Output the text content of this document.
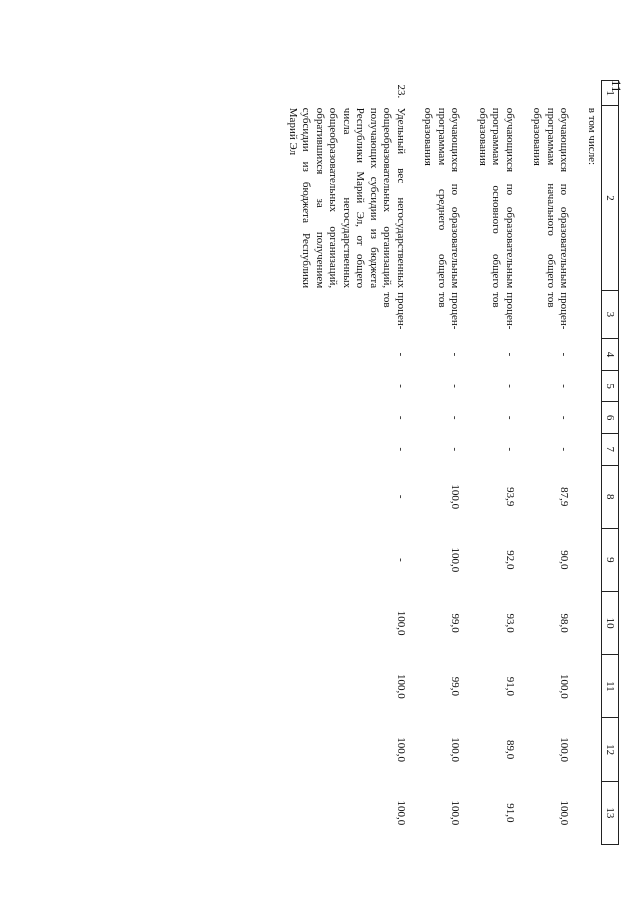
11
1	2	3	4	5	6	7	8	9	10	11	12	13
	в том числе:											
	обучающихся по образовательным программам начального общего образования	процен-тов	-	-	-	-	87,9	90,0	98,0	100,0	100,0	100,0
	обучающихся по образовательным программам основного общего образования	процен-тов	-	-	-	-	93,9	92,0	93,0	91,0	89,0	91,0
	обучающихся по образовательным программам среднего общего образования	процен-тов	-	-	-	-	100,0	100,0	99,0	99,0	100,0	100,0
23.	Удельный вес негосударственных общеобразовательных организаций, получающих субсидии из бюджета Республики Марий Эл, от общего числа негосударственных общеобразовательных организаций, обратившихся за получением субсидии из бюджета Республики Марий Эл	процен-тов	-	-	-	-	-	-	100,0	100,0	100,0	100,0
